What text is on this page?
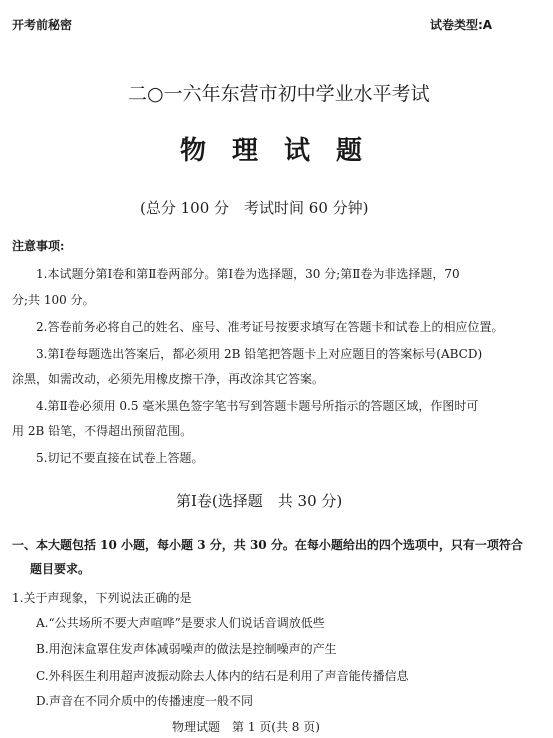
开考前秘密	试卷类型:A
二○一六年东营市初中学业水平考试
物　理　试　题
(总分 100 分　考试时间 60 分钟)
注意事项:
1.本试题分第Ⅰ卷和第Ⅱ卷两部分。第Ⅰ卷为选择题，30 分;第Ⅱ卷为非选择题，70
分;共 100 分。
2.答卷前务必将自己的姓名、座号、准考证号按要求填写在答题卡和试卷上的相应位置。
3.第Ⅰ卷每题选出答案后，都必须用 2B 铅笔把答题卡上对应题目的答案标号(ABCD)
涂黑，如需改动，必须先用橡皮擦干净，再改涂其它答案。
4.第Ⅱ卷必须用 0.5 毫米黑色签字笔书写到答题卡题号所指示的答题区域，作图时可
用 2B 铅笔，不得超出预留范围。
5.切记不要直接在试卷上答题。
第Ⅰ卷(选择题　共 30 分)
一、本大题包括 10 小题，每小题 3 分，共 30 分。在每小题给出的四个选项中，只有一项符合
题目要求。
1.关于声现象，下列说法正确的是
A.“公共场所不要大声喧哗”是要求人们说话音调放低些
B.用泡沫盒罩住发声体减弱噪声的做法是控制噪声的产生
C.外科医生利用超声波振动除去人体内的结石是利用了声音能传播信息
D.声音在不同介质中的传播速度一般不同
物理试题　第 1 页(共 8 页)
